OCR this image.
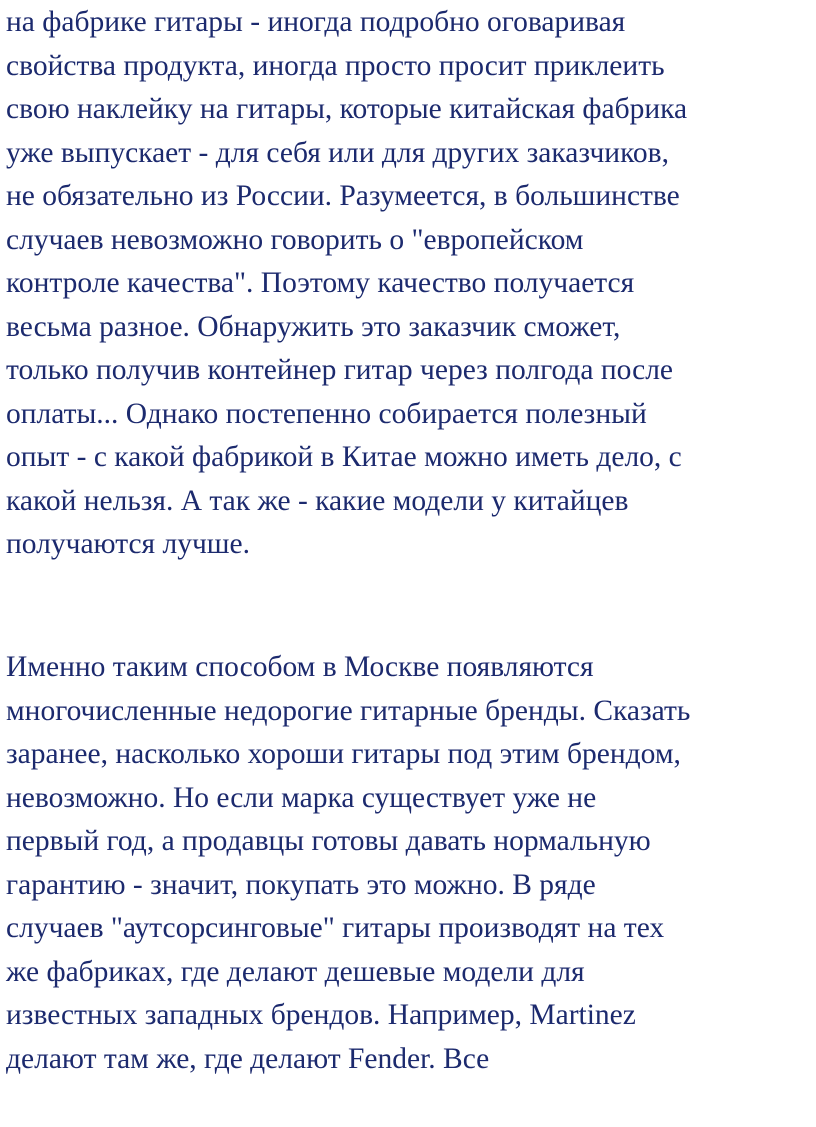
на фабрике гитары - иногда подробно оговаривая
свойства продукта, иногда просто просит приклеить
свою наклейку на гитары, которые китайская фабрика
уже выпускает - для себя или для других заказчиков,
не обязательно из России. Разумеется, в большинстве
случаев невозможно говорить о "европейском
контроле качества". Поэтому качество получается
весьма разное. Обнаружить это заказчик сможет,
только получив контейнер гитар через полгода после
оплаты... Однако постепенно собирается полезный
опыт - с какой фабрикой в Китае можно иметь дело, с
какой нельзя. А так же - какие модели у китайцев
получаются лучше.
Именно таким способом в Москве появляются
многочисленные недорогие гитарные бренды. Сказать
заранее, насколько хороши гитары под этим брендом,
невозможно. Но если марка существует уже не
первый год, а продавцы готовы давать нормальную
гарантию - значит, покупать это можно. В ряде
случаев "аутсорсинговые" гитары производят на тех
же фабриках, где делают дешевые модели для
известных западных брендов. Например, Martinez
делают там же, где делают Fender. Все
